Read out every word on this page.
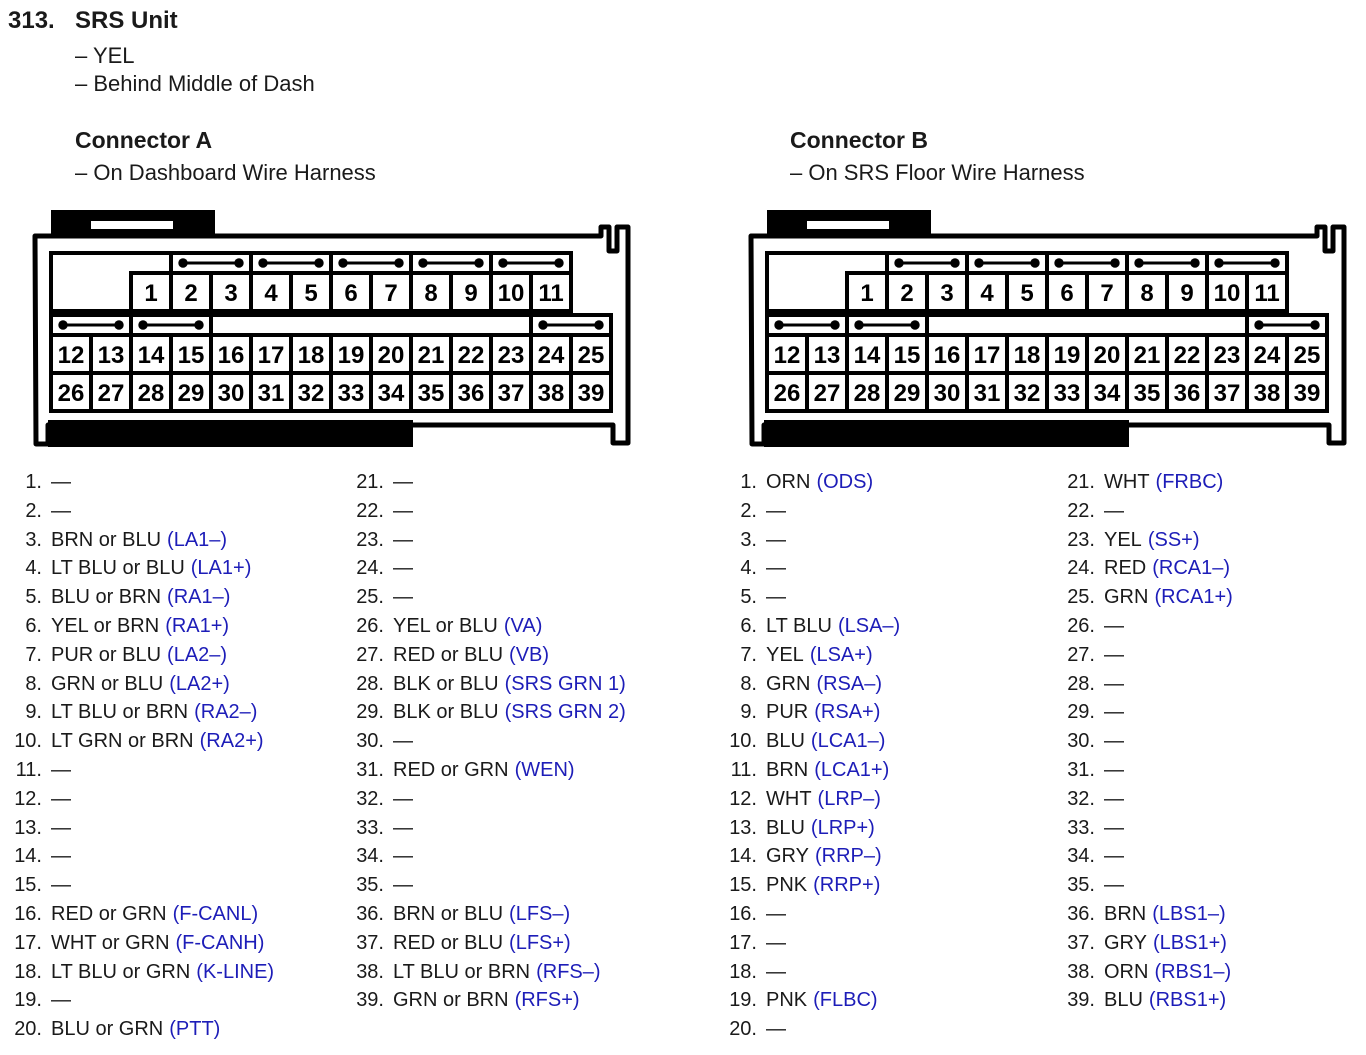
313. SRS Unit
– YEL
– Behind Middle of Dash
Connector A
– On Dashboard Wire Harness
Connector B
– On SRS Floor Wire Harness
1 2 3 4 5 6 7 8 9 10 11
12 13 14 15 16 17 18 19 20 21 22 23 24 25
26 27 28 29 30 31 32 33 34 35 36 37 38 39
1 2 3 4 5 6 7 8 9 10 11
12 13 14 15 16 17 18 19 20 21 22 23 24 25
26 27 28 29 30 31 32 33 34 35 36 37 38 39
1. —
2. —
3. BRN or BLU (LA1–)
4. LT BLU or BLU (LA1+)
5. BLU or BRN (RA1–)
6. YEL or BRN (RA1+)
7. PUR or BLU (LA2–)
8. GRN or BLU (LA2+)
9. LT BLU or BRN (RA2–)
10. LT GRN or BRN (RA2+)
11. —
12. —
13. —
14. —
15. —
16. RED or GRN (F-CANL)
17. WHT or GRN (F-CANH)
18. LT BLU or GRN (K-LINE)
19. —
20. BLU or GRN (PTT)
21. —
22. —
23. —
24. —
25. —
26. YEL or BLU (VA)
27. RED or BLU (VB)
28. BLK or BLU (SRS GRN 1)
29. BLK or BLU (SRS GRN 2)
30. —
31. RED or GRN (WEN)
32. —
33. —
34. —
35. —
36. BRN or BLU (LFS–)
37. RED or BLU (LFS+)
38. LT BLU or BRN (RFS–)
39. GRN or BRN (RFS+)
1. ORN (ODS)
2. —
3. —
4. —
5. —
6. LT BLU (LSA–)
7. YEL (LSA+)
8. GRN (RSA–)
9. PUR (RSA+)
10. BLU (LCA1–)
11. BRN (LCA1+)
12. WHT (LRP–)
13. BLU (LRP+)
14. GRY (RRP–)
15. PNK (RRP+)
16. —
17. —
18. —
19. PNK (FLBC)
20. —
21. WHT (FRBC)
22. —
23. YEL (SS+)
24. RED (RCA1–)
25. GRN (RCA1+)
26. —
27. —
28. —
29. —
30. —
31. —
32. —
33. —
34. —
35. —
36. BRN (LBS1–)
37. GRY (LBS1+)
38. ORN (RBS1–)
39. BLU (RBS1+)
